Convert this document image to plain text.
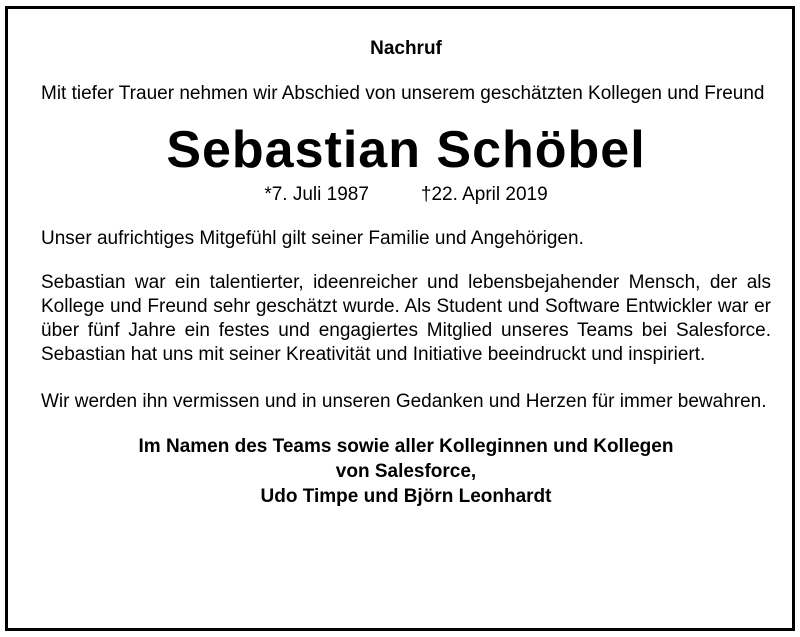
Nachruf

Mit tiefer Trauer nehmen wir Abschied von unserem geschätzten Kollegen und Freund

Sebastian Schöbel
*7. Juli 1987	†22. April 2019

Unser aufrichtiges Mitgefühl gilt seiner Familie und Angehörigen.

Sebastian war ein talentierter, ideenreicher und lebensbejahender Mensch, der als Kollege und Freund sehr geschätzt wurde. Als Student und Software Entwickler war er über fünf Jahre ein festes und engagiertes Mitglied unseres Teams bei Salesforce. Sebastian hat uns mit seiner Kreativität und Initiative beeindruckt und inspiriert.

Wir werden ihn vermissen und in unseren Gedanken und Herzen für immer bewahren.

Im Namen des Teams sowie aller Kolleginnen und Kollegen
von Salesforce,
Udo Timpe und Björn Leonhardt
